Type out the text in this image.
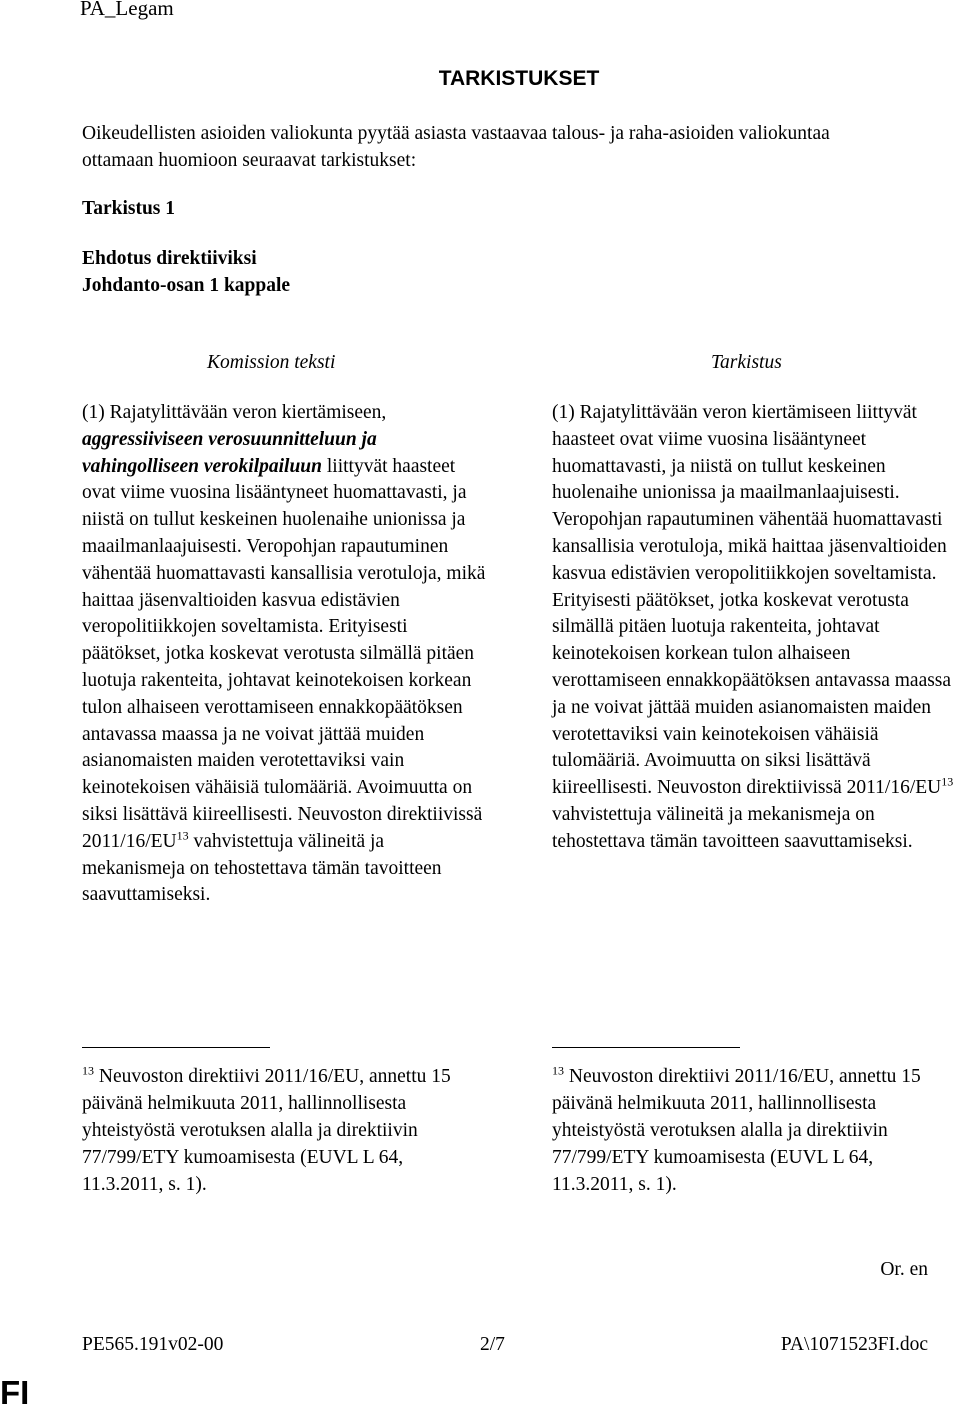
PA_Legam
TARKISTUKSET

Oikeudellisten asioiden valiokunta pyytää asiasta vastaavaa talous- ja raha-asioiden valiokuntaa ottamaan huomioon seuraavat tarkistukset:

Tarkistus 1
Ehdotus direktiiviksi
Johdanto-osan 1 kappale
Komission teksti	Tarkistus
(1) Rajatylittävään veron kiertämiseen, aggressiiviseen verosuunnitteluun ja vahingolliseen verokilpailuun liittyvät haasteet ovat viime vuosina lisääntyneet huomattavasti, ja niistä on tullut keskeinen huolenaihe unionissa ja maailmanlaajuisesti. Veropohjan rapautuminen vähentää huomattavasti kansallisia verotuloja, mikä haittaa jäsenvaltioiden kasvua edistävien veropolitiikkojen soveltamista. Erityisesti päätökset, jotka koskevat verotusta silmällä pitäen luotuja rakenteita, johtavat keinotekoisen korkean tulon alhaiseen verottamiseen ennakkopäätöksen antavassa maassa ja ne voivat jättää muiden asianomaisten maiden verotettaviksi vain keinotekoisen vähäisiä tulomääriä. Avoimuutta on siksi lisättävä kiireellisesti. Neuvoston direktiivissä 2011/16/EU$^{13}$ vahvistettuja välineitä ja mekanismeja on tehostettava tämän tavoitteen saavuttamiseksi.
(1) Rajatylittävään veron kiertämiseen liittyvät haasteet ovat viime vuosina lisääntyneet huomattavasti, ja niistä on tullut keskeinen huolenaihe unionissa ja maailmanlaajuisesti. Veropohjan rapautuminen vähentää huomattavasti kansallisia verotuloja, mikä haittaa jäsenvaltioiden kasvua edistävien veropolitiikkojen soveltamista. Erityisesti päätökset, jotka koskevat verotusta silmällä pitäen luotuja rakenteita, johtavat keinotekoisen korkean tulon alhaiseen verottamiseen ennakkopäätöksen antavassa maassa ja ne voivat jättää muiden asianomaisten maiden verotettaviksi vain keinotekoisen vähäisiä tulomääriä. Avoimuutta on siksi lisättävä kiireellisesti. Neuvoston direktiivissä 2011/16/EU$^{13}$ vahvistettuja välineitä ja mekanismeja on tehostettava tämän tavoitteen saavuttamiseksi.
$^{13}$ Neuvoston direktiivi 2011/16/EU, annettu 15 päivänä helmikuuta 2011, hallinnollisesta yhteistyöstä verotuksen alalla ja direktiivin 77/799/ETY kumoamisesta (EUVL L 64, 11.3.2011, s. 1).
$^{13}$ Neuvoston direktiivi 2011/16/EU, annettu 15 päivänä helmikuuta 2011, hallinnollisesta yhteistyöstä verotuksen alalla ja direktiivin 77/799/ETY kumoamisesta (EUVL L 64, 11.3.2011, s. 1).
Or. en
PE565.191v02-00	2/7	PA\1071523FI.doc
FI
